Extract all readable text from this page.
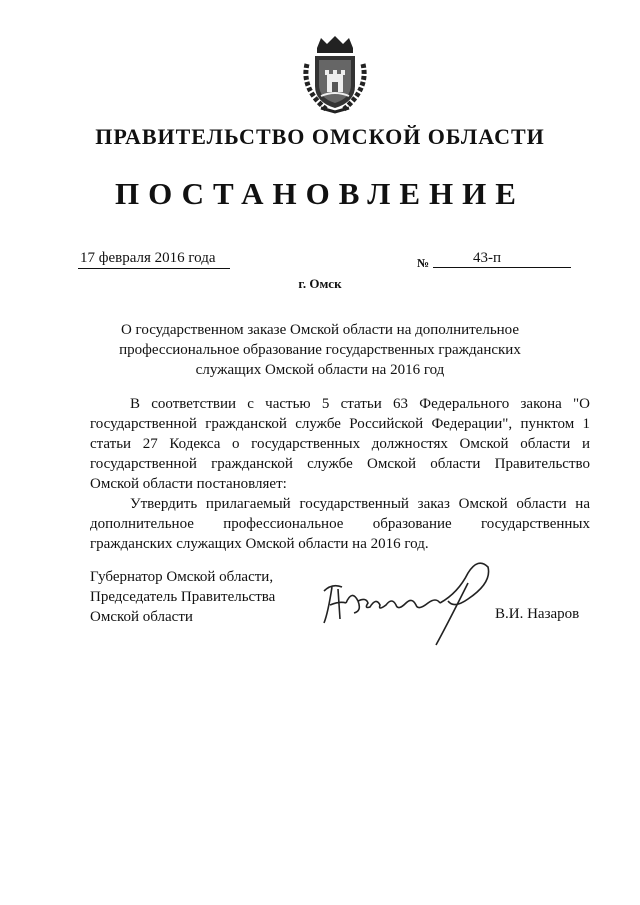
ПРАВИТЕЛЬСТВО ОМСКОЙ ОБЛАСТИ
ПОСТАНОВЛЕНИЕ
17 февраля 2016 года	№	43-п
г. Омск
О государственном заказе Омской области на дополнительное профессиональное образование государственных гражданских служащих Омской области на 2016 год

В соответствии с частью 5 статьи 63 Федерального закона "О государственной гражданской службе Российской Федерации", пунктом 1 статьи 27 Кодекса о государственных должностях Омской области и государственной гражданской службе Омской области Правительство Омской области постановляет:

Утвердить прилагаемый государственный заказ Омской области на дополнительное профессиональное образование государственных гражданских служащих Омской области на 2016 год.

Губернатор Омской области,
Председатель Правительства
Омской области	В.И. Назаров
